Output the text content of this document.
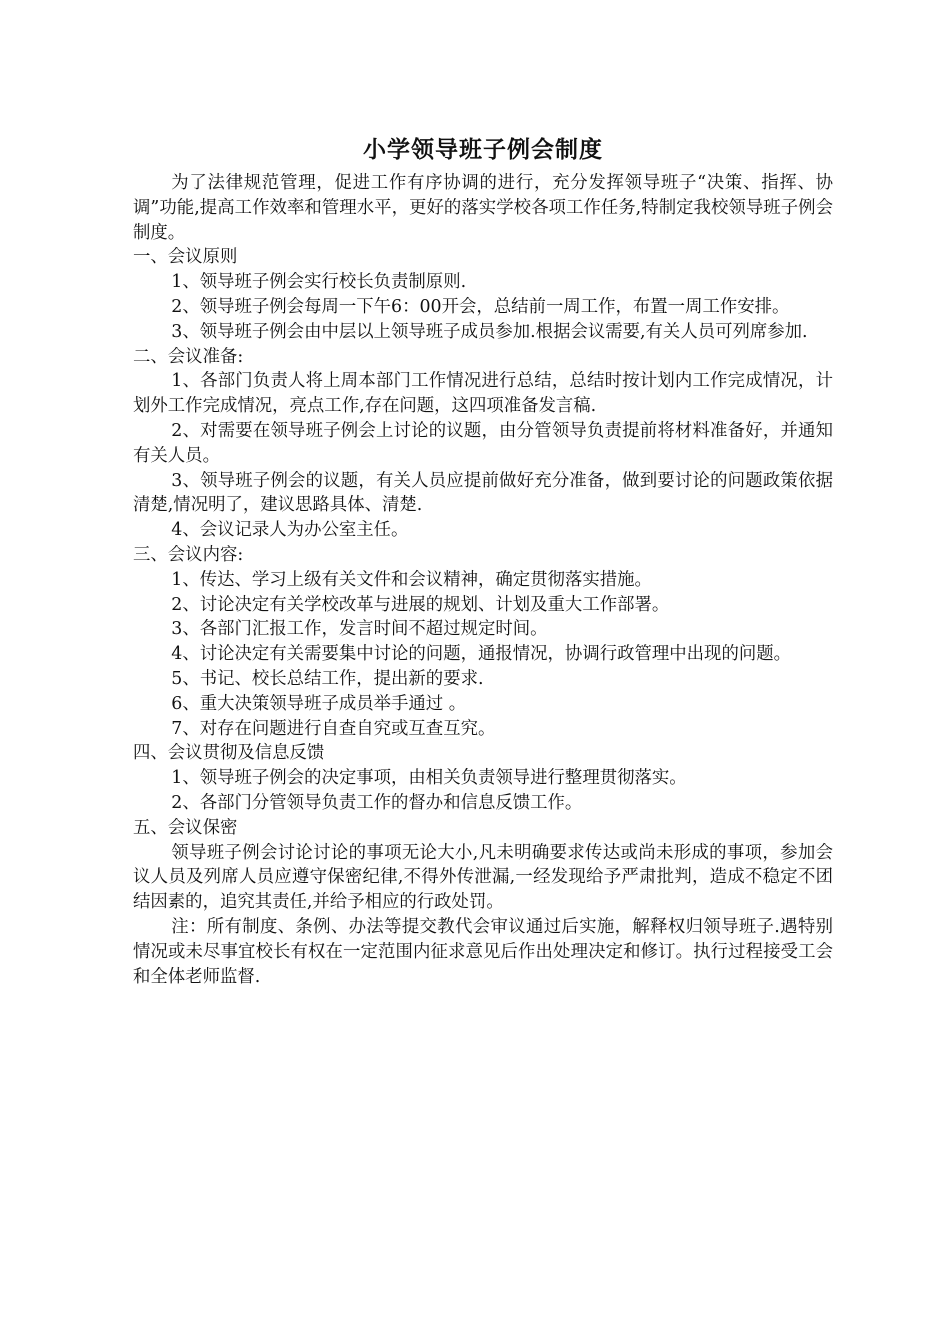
小学领导班子例会制度

为了法律规范管理，促进工作有序协调的进行，充分发挥领导班子“决策、指挥、协调”功能,提高工作效率和管理水平，更好的落实学校各项工作任务,特制定我校领导班子例会制度。

一、会议原则

1、领导班子例会实行校长负责制原则.

2、领导班子例会每周一下午6：00开会，总结前一周工作，布置一周工作安排。

3、领导班子例会由中层以上领导班子成员参加.根据会议需要,有关人员可列席参加.

二、会议准备:

1、各部门负责人将上周本部门工作情况进行总结，总结时按计划内工作完成情况，计划外工作完成情况，亮点工作,存在问题，这四项准备发言稿.

2、对需要在领导班子例会上讨论的议题，由分管领导负责提前将材料准备好，并通知有关人员。

3、领导班子例会的议题，有关人员应提前做好充分准备，做到要讨论的问题政策依据清楚,情况明了，建议思路具体、清楚.

4、会议记录人为办公室主任。

三、会议内容:

1、传达、学习上级有关文件和会议精神，确定贯彻落实措施。

2、讨论决定有关学校改革与进展的规划、计划及重大工作部署。

3、各部门汇报工作，发言时间不超过规定时间。

4、讨论决定有关需要集中讨论的问题，通报情况，协调行政管理中出现的问题。

5、书记、校长总结工作，提出新的要求.

6、重大决策领导班子成员举手通过 。

7、对存在问题进行自查自究或互查互究。

四、会议贯彻及信息反馈

1、领导班子例会的决定事项，由相关负责领导进行整理贯彻落实。

2、各部门分管领导负责工作的督办和信息反馈工作。

五、会议保密

领导班子例会讨论讨论的事项无论大小,凡未明确要求传达或尚未形成的事项，参加会议人员及列席人员应遵守保密纪律,不得外传泄漏,一经发现给予严肃批判，造成不稳定不团结因素的，追究其责任,并给予相应的行政处罚。

注：所有制度、条例、办法等提交教代会审议通过后实施，解释权归领导班子.遇特别情况或未尽事宜校长有权在一定范围内征求意见后作出处理决定和修订。执行过程接受工会和全体老师监督.
